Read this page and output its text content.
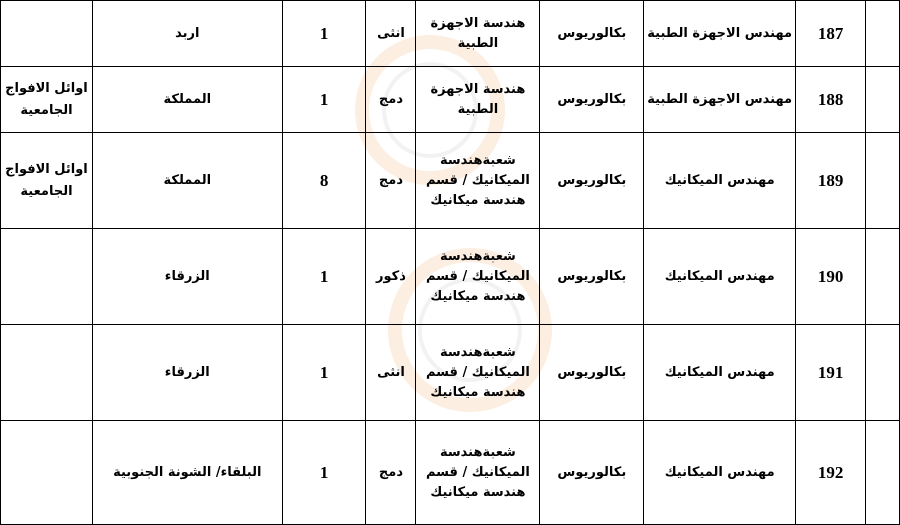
	اربد	1	انثى	هندسة الاجهزة الطبية	بكالوريوس	مهندس الاجهزة الطبية	187	
اوائل الافواج الجامعية	المملكة	1	دمج	هندسة الاجهزة الطبية	بكالوريوس	مهندس الاجهزة الطبية	188	
اوائل الافواج الجامعية	المملكة	8	دمج	شعبةهندسة الميكانيك / قسم هندسة ميكانيك	بكالوريوس	مهندس الميكانيك	189	
	الزرقاء	1	ذكور	شعبةهندسة الميكانيك / قسم هندسة ميكانيك	بكالوريوس	مهندس الميكانيك	190	
	الزرقاء	1	انثى	شعبةهندسة الميكانيك / قسم هندسة ميكانيك	بكالوريوس	مهندس الميكانيك	191	
	البلقاء/ الشونة الجنوبية	1	دمج	شعبةهندسة الميكانيك / قسم هندسة ميكانيك	بكالوريوس	مهندس الميكانيك	192	
